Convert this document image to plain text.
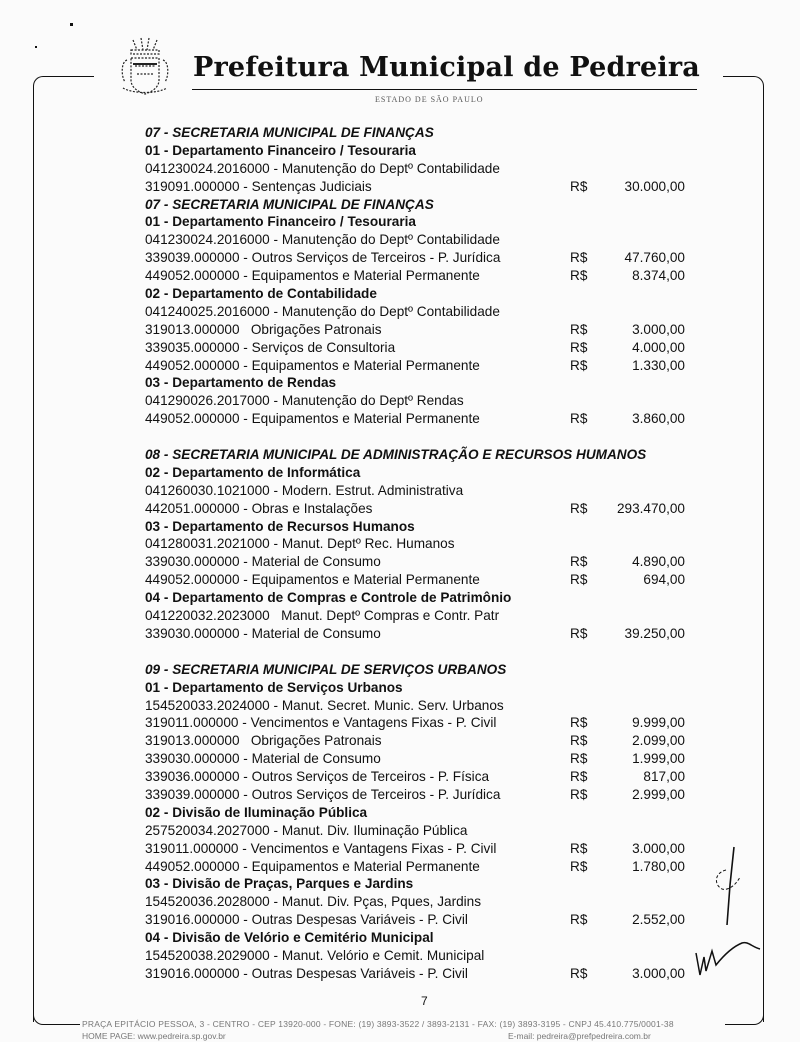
Prefeitura Municipal de Pedreira
ESTADO DE SÃO PAULO
07 - SECRETARIA MUNICIPAL DE FINANÇAS
01 - Departamento Financeiro / Tesouraria
041230024.2016000 - Manutenção do Deptº Contabilidade
319091.000000 - Sentenças Judiciais	R$	30.000,00
07 - SECRETARIA MUNICIPAL DE FINANÇAS
01 - Departamento Financeiro / Tesouraria
041230024.2016000 - Manutenção do Deptº Contabilidade
339039.000000 - Outros Serviços de Terceiros - P. Jurídica	R$	47.760,00
449052.000000 - Equipamentos e Material Permanente	R$	8.374,00
02 - Departamento de Contabilidade
041240025.2016000 - Manutenção do Deptº Contabilidade
319013.000000   Obrigações Patronais	R$	3.000,00
339035.000000 - Serviços de Consultoria	R$	4.000,00
449052.000000 - Equipamentos e Material Permanente	R$	1.330,00
03 - Departamento de Rendas
041290026.2017000 - Manutenção do Deptº Rendas
449052.000000 - Equipamentos e Material Permanente	R$	3.860,00
08 - SECRETARIA MUNICIPAL DE ADMINISTRAÇÃO E RECURSOS HUMANOS
02 - Departamento de Informática
041260030.1021000 - Modern. Estrut. Administrativa
442051.000000 - Obras e Instalações	R$ 293.470,00
03 - Departamento de Recursos Humanos
041280031.2021000 - Manut. Deptº Rec. Humanos
339030.000000 - Material de Consumo	R$	4.890,00
449052.000000 - Equipamentos e Material Permanente	R$	694,00
04 - Departamento de Compras e Controle de Patrimônio
041220032.2023000   Manut. Deptº Compras e Contr. Patr
339030.000000 - Material de Consumo	R$	39.250,00
09 - SECRETARIA MUNICIPAL DE SERVIÇOS URBANOS
01 - Departamento de Serviços Urbanos
154520033.2024000 - Manut. Secret. Munic. Serv. Urbanos
319011.000000 - Vencimentos e Vantagens Fixas - P. Civil	R$	9.999,00
319013.000000   Obrigações Patronais	R$	2.099,00
339030.000000 - Material de Consumo	R$	1.999,00
339036.000000 - Outros Serviços de Terceiros - P. Física	R$	817,00
339039.000000 - Outros Serviços de Terceiros - P. Jurídica	R$	2.999,00
02 - Divisão de Iluminação Pública
257520034.2027000 - Manut. Div. Iluminação Pública
319011.000000 - Vencimentos e Vantagens Fixas - P. Civil	R$	3.000,00
449052.000000 - Equipamentos e Material Permanente	R$	1.780,00
03 - Divisão de Praças, Parques e Jardins
154520036.2028000 - Manut. Div. Pças, Pques, Jardins
319016.000000 - Outras Despesas Variáveis - P. Civil	R$	2.552,00
04 - Divisão de Velório e Cemitério Municipal
154520038.2029000 - Manut. Velório e Cemit. Municipal
319016.000000 - Outras Despesas Variáveis - P. Civil	R$	3.000,00
7
PRAÇA EPITÁCIO PESSOA, 3 - CENTRO - CEP 13920-000 - FONE: (19) 3893-3522 / 3893-2131 - FAX: (19) 3893-3195 - CNPJ 45.410.775/0001-38
HOME PAGE: www.pedreira.sp.gov.br	E-mail: pedreira@prefpedreira.com.br
